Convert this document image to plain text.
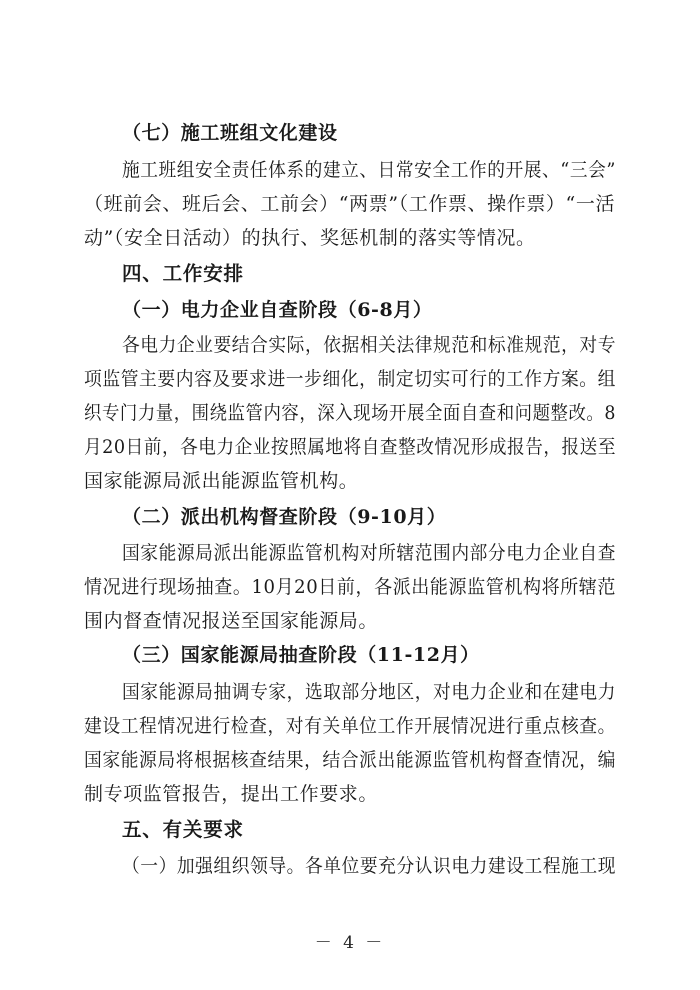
（七）施工班组文化建设
施工班组安全责任体系的建立、日常安全工作的开展、“三会”
（班前会、班后会、工前会）“两票”（工作票、操作票）“一活
动”（安全日活动）的执行、奖惩机制的落实等情况。
四、工作安排
（一）电力企业自查阶段（6-8月）
各电力企业要结合实际，依据相关法律规范和标准规范，对专
项监管主要内容及要求进一步细化，制定切实可行的工作方案。组
织专门力量，围绕监管内容，深入现场开展全面自查和问题整改。8
月20日前，各电力企业按照属地将自查整改情况形成报告，报送至
国家能源局派出能源监管机构。
（二）派出机构督查阶段（9-10月）
国家能源局派出能源监管机构对所辖范围内部分电力企业自查
情况进行现场抽查。10月20日前，各派出能源监管机构将所辖范
围内督查情况报送至国家能源局。
（三）国家能源局抽查阶段（11-12月）
国家能源局抽调专家，选取部分地区，对电力企业和在建电力
建设工程情况进行检查，对有关单位工作开展情况进行重点核查。
国家能源局将根据核查结果，结合派出能源监管机构督查情况，编
制专项监管报告，提出工作要求。
五、有关要求
（一）加强组织领导。各单位要充分认识电力建设工程施工现
－ 4 －
